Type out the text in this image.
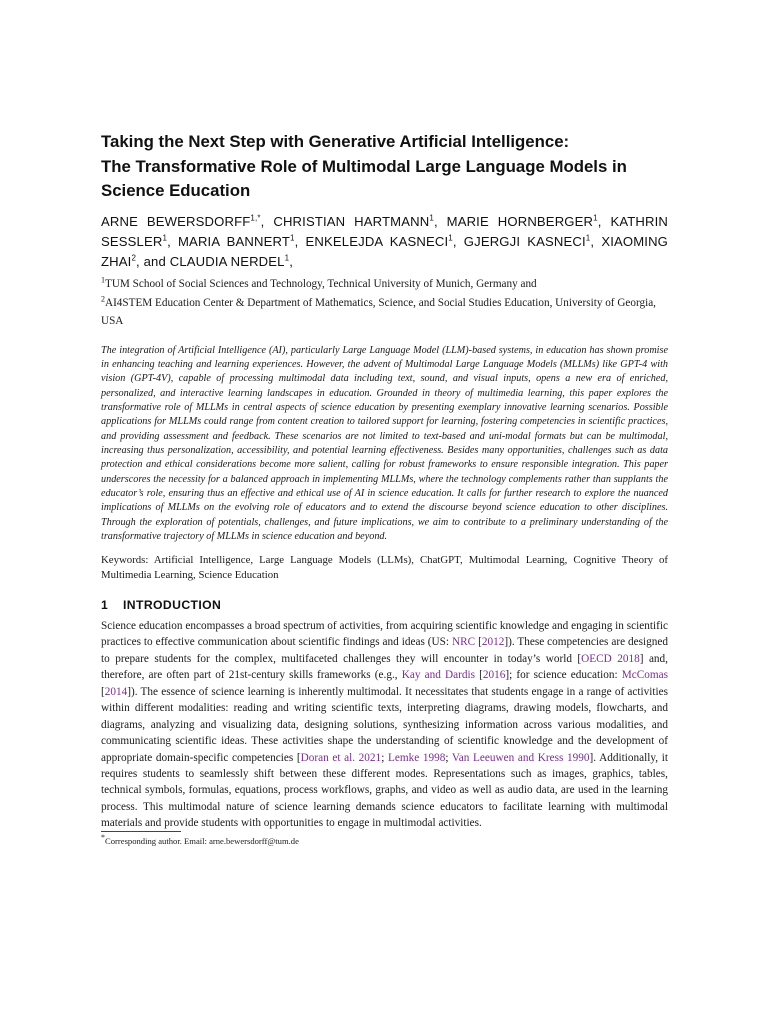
Taking the Next Step with Generative Artificial Intelligence:
The Transformative Role of Multimodal Large Language Models in Science Education

ARNE $BEWERSDORFF^{1,*}$, CHRISTIAN HARTMANN$^1$, MARIE HORNBERGER$^1$, KATHRIN SESSLER$^1$, MARIA BANNERT$^1$, ENKELEJDA KASNECI$^1$, GJERGJI KASNECI$^1$, XIAOMING ZHAI$^2$, and CLAUDIA NERDEL$^1$,

$^1$TUM School of Social Sciences and Technology, Technical University of Munich, Germany and

$^2$AI4STEM Education Center & Department of Mathematics, Science, and Social Studies Education, University of Georgia, USA

The integration of Artificial Intelligence (AI), particularly Large Language Model (LLM)-based systems, in education has shown promise in enhancing teaching and learning experiences. However, the advent of Multimodal Large Language Models (MLLMs) like GPT-4 with vision (GPT-4V), capable of processing multimodal data including text, sound, and visual inputs, opens a new era of enriched, personalized, and interactive learning landscapes in education. Grounded in theory of multimedia learning, this paper explores the transformative role of MLLMs in central aspects of science education by presenting exemplary innovative learning scenarios. Possible applications for MLLMs could range from content creation to tailored support for learning, fostering competencies in scientific practices, and providing assessment and feedback. These scenarios are not limited to text-based and uni-modal formats but can be multimodal, increasing thus personalization, accessibility, and potential learning effectiveness. Besides many opportunities, challenges such as data protection and ethical considerations become more salient, calling for robust frameworks to ensure responsible integration. This paper underscores the necessity for a balanced approach in implementing MLLMs, where the technology complements rather than supplants the educator’s role, ensuring thus an effective and ethical use of AI in science education. It calls for further research to explore the nuanced implications of MLLMs on the evolving role of educators and to extend the discourse beyond science education to other disciplines. Through the exploration of potentials, challenges, and future implications, we aim to contribute to a preliminary understanding of the transformative trajectory of MLLMs in science education and beyond.

Keywords: Artificial Intelligence, Large Language Models (LLMs), ChatGPT, Multimodal Learning, Cognitive Theory of Multimedia Learning, Science Education

1 INTRODUCTION

Science education encompasses a broad spectrum of activities, from acquiring scientific knowledge and engaging in scientific practices to effective communication about scientific findings and ideas (US: NRC [2012]). These competencies are designed to prepare students for the complex, multifaceted challenges they will encounter in today’s world [OECD 2018] and, therefore, are often part of 21st-century skills frameworks (e.g., Kay and Dardis [2016]; for science education: McComas [2014]). The essence of science learning is inherently multimodal. It necessitates that students engage in a range of activities within different modalities: reading and writing scientific texts, interpreting diagrams, drawing models, flowcharts, and diagrams, analyzing and visualizing data, designing solutions, synthesizing information across various modalities, and communicating scientific ideas. These activities shape the understanding of scientific knowledge and the development of appropriate domain-specific competencies [Doran et al. 2021; Lemke 1998; Van Leeuwen and Kress 1990]. Additionally, it requires students to seamlessly shift between these different modes. Representations such as images, graphics, tables, technical symbols, formulas, equations, process workflows, graphs, and video as well as audio data, are used in the learning process. This multimodal nature of science learning demands science educators to facilitate learning with multimodal materials and provide students with opportunities to engage in multimodal activities.

*Corresponding author. Email: arne.bewersdorff@tum.de
